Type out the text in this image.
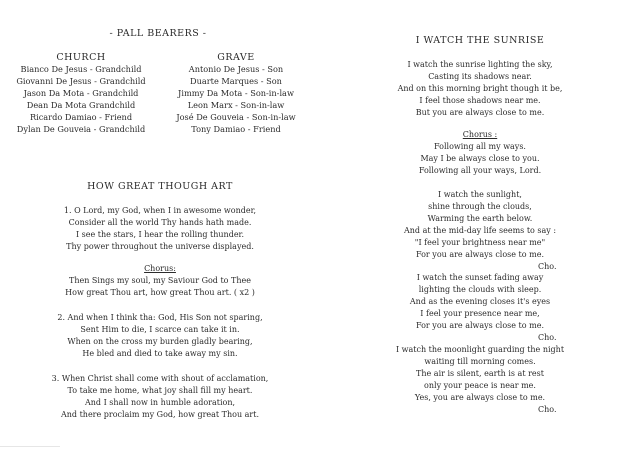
- PALL BEARERS -
CHURCH	GRAVE
Bianco De Jesus - Grandchild
Giovanni De Jesus - Grandchild
Jason Da Mota - Grandchild
Dean Da Mota Grandchild
Ricardo Damiao - Friend
Dylan De Gouveia - Grandchild
Antonio De Jesus - Son
Duarte Marques - Son
Jimmy Da Mota - Son-in-law
Leon Marx - Son-in-law
José De Gouveia - Son-in-law
Tony Damiao - Friend
HOW GREAT THOUGH ART
1. O Lord, my God, when I in awesome wonder,
Consider all the world Thy hands hath made.
I see the stars, I hear the rolling thunder.
Thy power throughout the universe displayed.
Chorus:
Then Sings my soul, my Saviour God to Thee
How great Thou art, how great Thou art. ( x2 )
2. And when I think tha: God, His Son not sparing,
Sent Him to die, I scarce can take it in.
When on the cross my burden gladly bearing,
He bled and died to take away my sin.
3. When Christ shall come with shout of acclamation,
To take me home, what joy shall fill my heart.
And I shall now in humble adoration,
And there proclaim my God, how great Thou art.
I WATCH THE SUNRISE
I watch the sunrise lighting the sky,
Casting its shadows near.
And on this morning bright though it be,
I feel those shadows near me.
But you are always close to me.
Chorus :
Following all my ways.
May I be always close to you.
Following all your ways, Lord.
I watch the sunlight,
shine through the clouds,
Warming the earth below.
And at the mid-day life seems to say :
"I feel your brightness near me"
For you are always close to me.
Cho.
I watch the sunset fading away
lighting the clouds with sleep.
And as the evening closes it's eyes
I feel your presence near me,
For you are always close to me.
Cho.
I watch the moonlight guarding the night
waiting till morning comes.
The air is silent, earth is at rest
only your peace is near me.
Yes, you are always close to me.
Cho.
